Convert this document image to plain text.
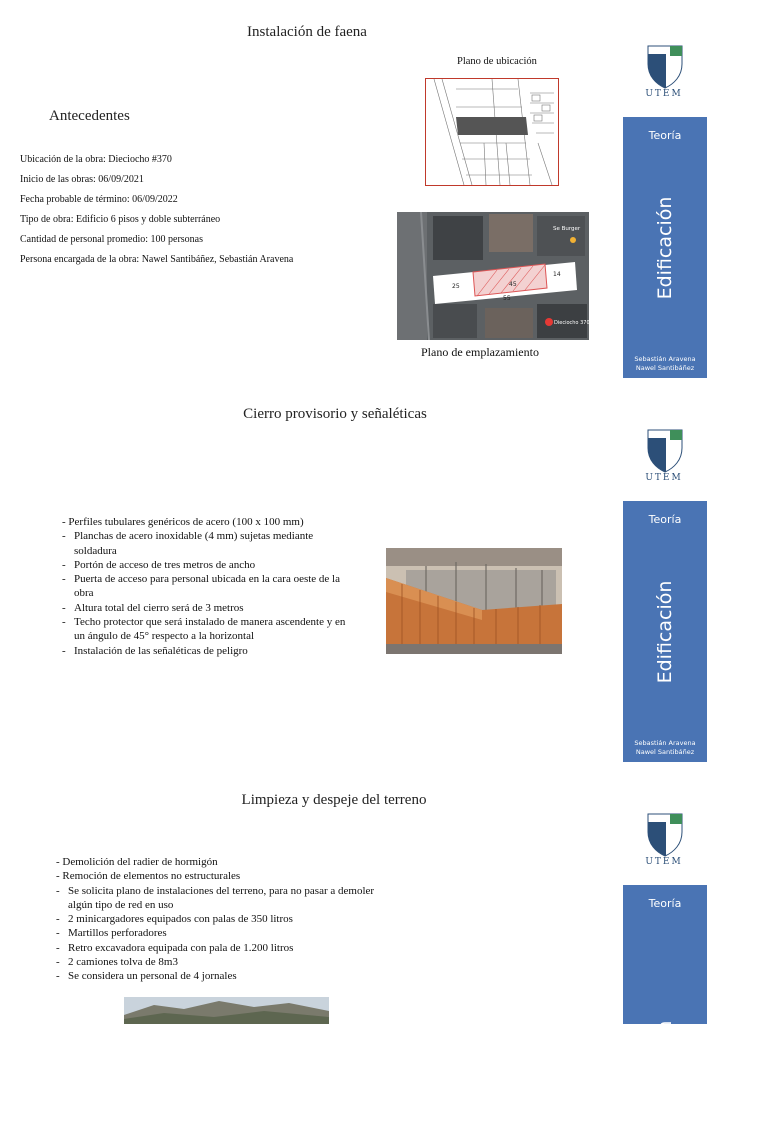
Instalación de faena
Antecedentes
Ubicación de la obra: Dieciocho #370
Inicio de las obras: 06/09/2021
Fecha probable de término: 06/09/2022
Tipo de obra: Edificio 6 pisos y doble subterráneo
Cantidad de personal promedio: 100 personas
Persona encargada de la obra: Nawel Santibáñez, Sebastián Aravena
Plano de ubicación
25	45
14
55
Se Burger
Dieciocho 370
Plano de emplazamiento
Cierro provisorio y señaléticas
- Perfiles tubulares genéricos de acero (100 x 100 mm)
- Planchas de acero inoxidable (4 mm) sujetas mediante soldadura
- Portón de acceso de tres metros de ancho
- Puerta de acceso para personal ubicada en la cara oeste de la obra
- Altura total del cierro será de 3 metros
- Techo protector que será instalado de manera ascendente y en un ángulo de 45° respecto a la horizontal
- Instalación de las señaléticas de peligro
Limpieza y despeje del terreno
- Demolición del radier de hormigón
- Remoción de elementos no estructurales
- Se solicita plano de instalaciones del terreno, para no pasar a demoler algún tipo de red en uso
- 2 minicargadores equipados con palas de 350 litros
- Martillos perforadores
- Retro excavadora equipada con pala de 1.200 litros
- 2 camiones tolva de 8m3
- Se considera un personal de 4 jornales
UTEM
UTEM
UTEM
Teoría
Edificación
Sebastián Aravena
Nawel Santibáñez
Teoría
Edificación
Sebastián Aravena
Nawel Santibáñez
Teoría
Edificación
